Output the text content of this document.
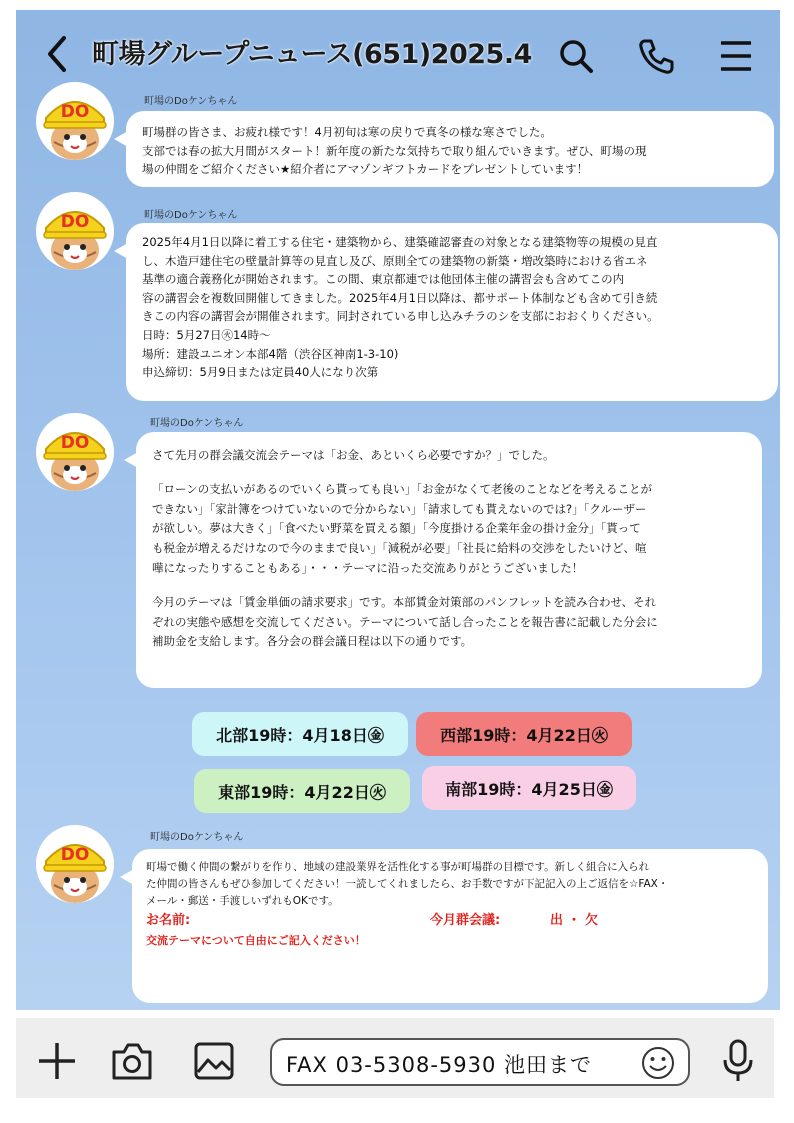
町場グループニュース(651)2025.4
DO
DO
DO
DO
町場のDoケンちゃん

町場群の皆さま、お疲れ様です！4月初旬は寒の戻りで真冬の様な寒さでした。

支部では春の拡大月間がスタート！新年度の新たな気持ちで取り組んでいきます。ぜひ、町場の現

場の仲間をご紹介ください★紹介者にアマゾンギフトカードをプレゼントしています！

町場のDoケンちゃん

2025年4月1日以降に着工する住宅・建築物から、建築確認審査の対象となる建築物等の規模の見直

し、木造戸建住宅の壁量計算等の見直し及び、原則全ての建築物の新築・増改築時における省エネ

基準の適合義務化が開始されます。この間、東京都連では他団体主催の講習会も含めてこの内

容の講習会を複数回開催してきました。2025年4月1日以降は、都サポート体制なども含めて引き続

きこの内容の講習会が開催されます。同封されている申し込みチラのシを支部におおくりください。

日時：5月27日㊋14時～

場所：建設ユニオン本部4階（渋谷区神南1-3-10)

申込締切：5月9日または定員40人になり次第

町場のDoケンちゃん

さて先月の群会議交流会テーマは「お金、あといくら必要ですか？」でした。

「ローンの支払いがあるのでいくら貰っても良い」「お金がなくて老後のことなどを考えることが

できない」「家計簿をつけていないので分からない」「請求しても貰えないのでは?」「クルーザー

が欲しい。夢は大きく」「食べたい野菜を買える額」「今度掛ける企業年金の掛け金分」「貰って

も税金が増えるだけなので今のままで良い」「減税が必要」「社長に給料の交渉をしたいけど、喧

嘩になったりすることもある」・・・テーマに沿った交流ありがとうございました！

今月のテーマは「賃金単価の請求要求」です。本部賃金対策部のパンフレットを読み合わせ、それ

ぞれの実態や感想を交流してください。テーマについて話し合ったことを報告書に記載した分会に

補助金を支給します。各分会の群会議日程は以下の通りです。

北部19時：4月18日㊎	西部19時：4月22日㊋
東部19時：4月22日㊋	南部19時：4月25日㊎
町場のDoケンちゃん

町場で働く仲間の繋がりを作り、地域の建設業界を活性化する事が町場群の目標です。新しく組合に入られ

た仲間の皆さんもぜひ参加してください！一読してくれましたら、お手数ですが下記記入の上ご返信を☆FAX・

メール・郵送・手渡しいずれもOKです。

お名前:	今月群会議:	出 ・ 欠

交流テーマについて自由にご記入ください！

FAX 03-5308-5930 池田まで
